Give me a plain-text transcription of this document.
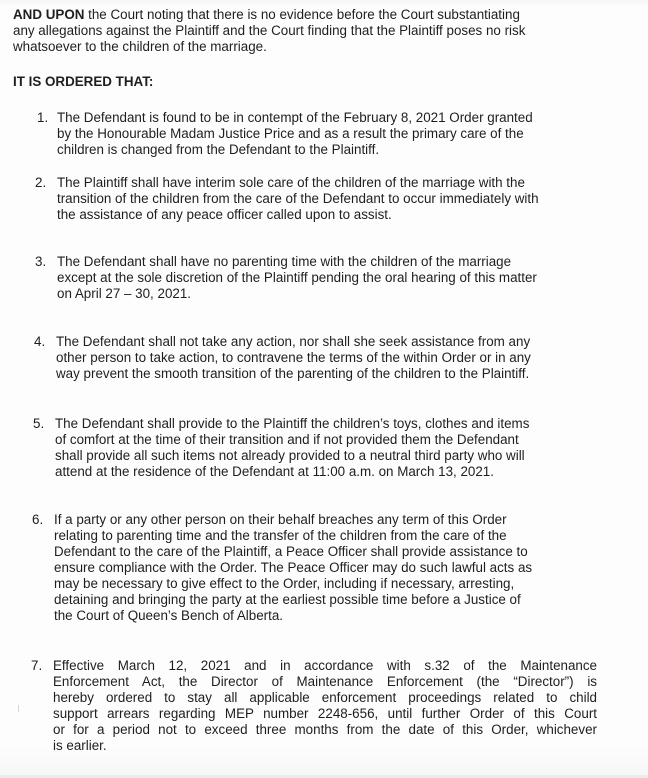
AND UPON the Court noting that there is no evidence before the Court substantiating
any allegations against the Plaintiff and the Court finding that the Plaintiff poses no risk
whatsoever to the children of the marriage.
IT IS ORDERED THAT:
1. The Defendant is found to be in contempt of the February 8, 2021 Order granted
by the Honourable Madam Justice Price and as a result the primary care of the
children is changed from the Defendant to the Plaintiff.
2. The Plaintiff shall have interim sole care of the children of the marriage with the
transition of the children from the care of the Defendant to occur immediately with
the assistance of any peace officer called upon to assist.
3. The Defendant shall have no parenting time with the children of the marriage
except at the sole discretion of the Plaintiff pending the oral hearing of this matter
on April 27 – 30, 2021.
4. The Defendant shall not take any action, nor shall she seek assistance from any
other person to take action, to contravene the terms of the within Order or in any
way prevent the smooth transition of the parenting of the children to the Plaintiff.
5. The Defendant shall provide to the Plaintiff the children’s toys, clothes and items
of comfort at the time of their transition and if not provided them the Defendant
shall provide all such items not already provided to a neutral third party who will
attend at the residence of the Defendant at 11:00 a.m. on March 13, 2021.
6. If a party or any other person on their behalf breaches any term of this Order
relating to parenting time and the transfer of the children from the care of the
Defendant to the care of the Plaintiff, a Peace Officer shall provide assistance to
ensure compliance with the Order. The Peace Officer may do such lawful acts as
may be necessary to give effect to the Order, including if necessary, arresting,
detaining and bringing the party at the earliest possible time before a Justice of
the Court of Queen’s Bench of Alberta.
7. Effective March 12, 2021 and in accordance with s.32 of the Maintenance
Enforcement Act, the Director of Maintenance Enforcement (the “Director”) is
hereby ordered to stay all applicable enforcement proceedings related to child
support arrears regarding MEP number 2248-656, until further Order of this Court
or for a period not to exceed three months from the date of this Order, whichever
is earlier.
